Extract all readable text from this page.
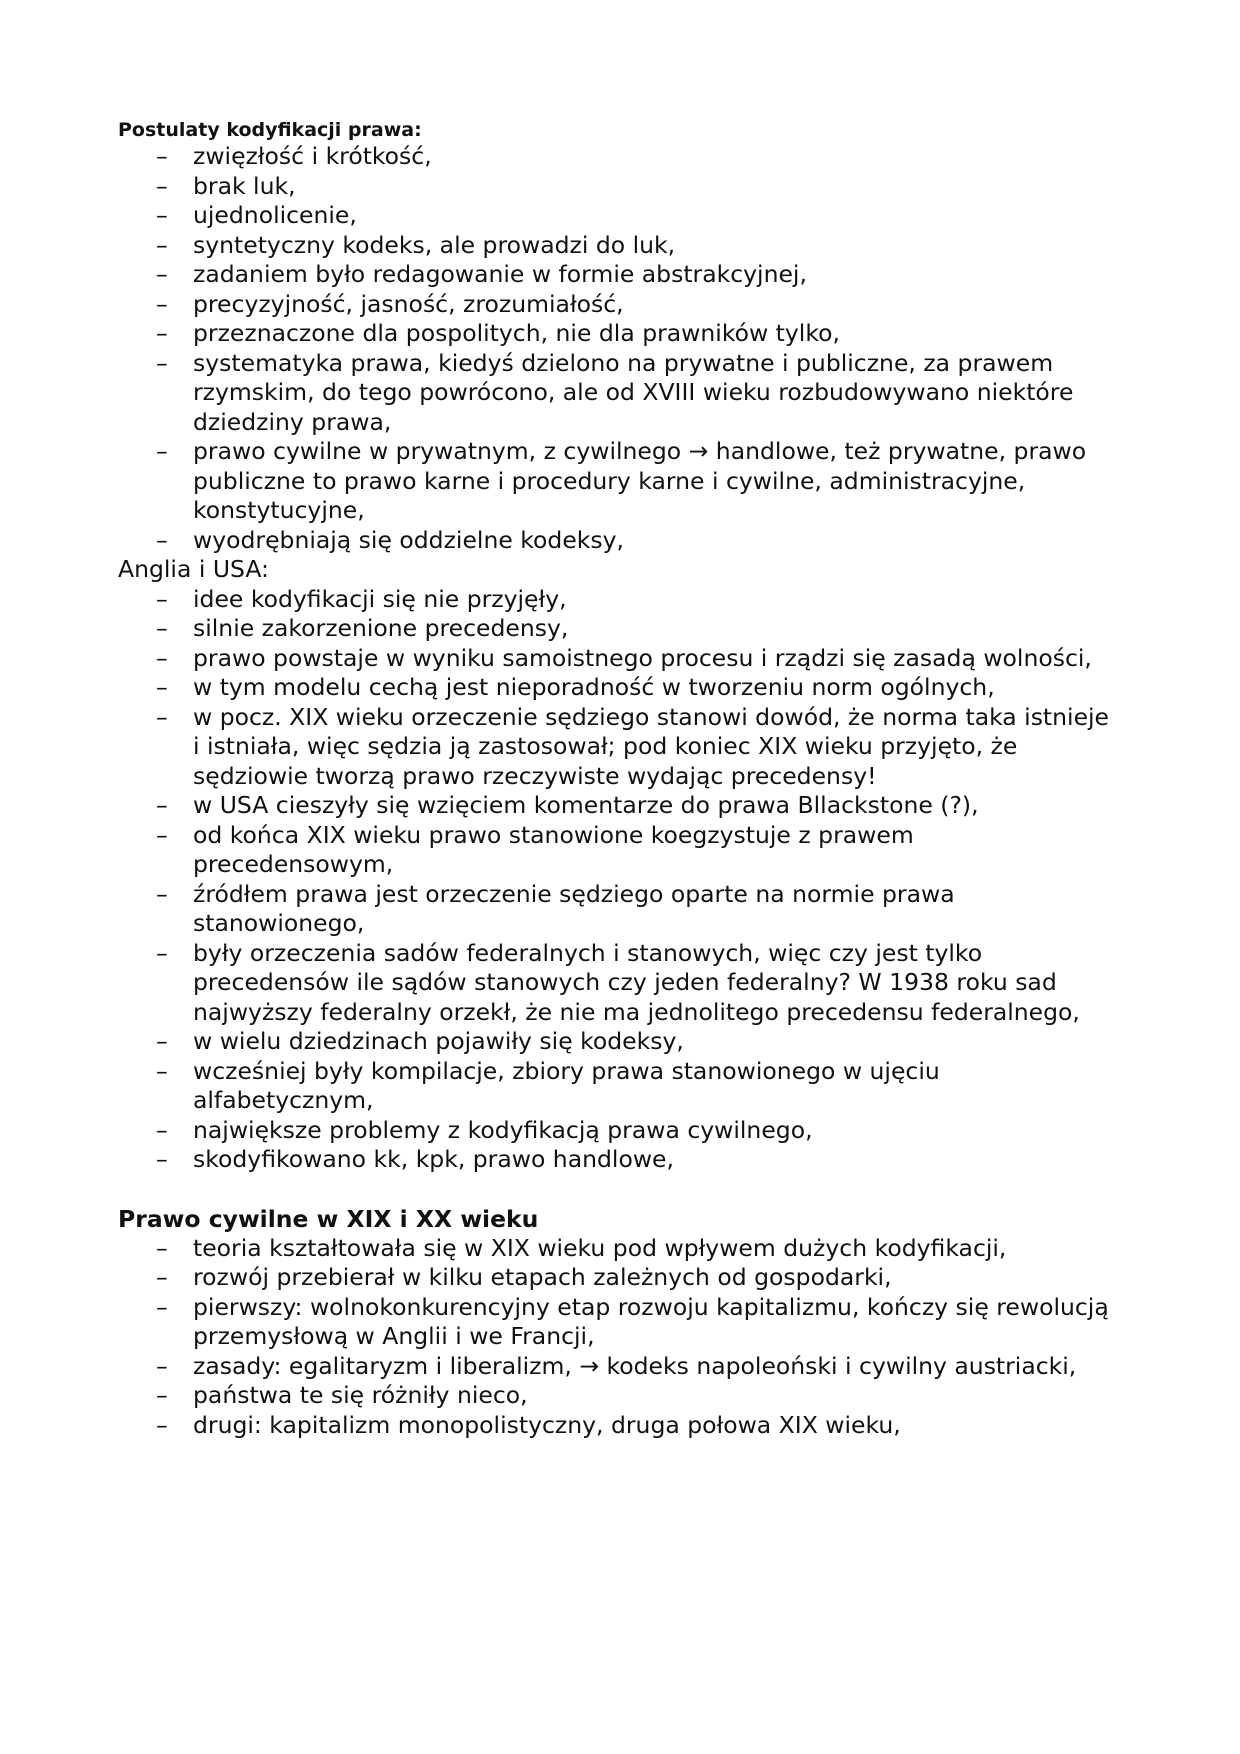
Postulaty kodyfikacji prawa:
– zwięzłość i krótkość,
– brak luk,
– ujednolicenie,
– syntetyczny kodeks, ale prowadzi do luk,
– zadaniem było redagowanie w formie abstrakcyjnej,
– precyzyjność, jasność, zrozumiałość,
– przeznaczone dla pospolitych, nie dla prawników tylko,
– systematyka prawa, kiedyś dzielono na prywatne i publiczne, za prawem rzymskim, do tego powrócono, ale od XVIII wieku rozbudowywano niektóre dziedziny prawa,
– prawo cywilne w prywatnym, z cywilnego → handlowe, też prywatne, prawo publiczne to prawo karne i procedury karne i cywilne, administracyjne, konstytucyjne,
– wyodrębniają się oddzielne kodeksy,
Anglia i USA:
– idee kodyfikacji się nie przyjęły,
– silnie zakorzenione precedensy,
– prawo powstaje w wyniku samoistnego procesu i rządzi się zasadą wolności,
– w tym modelu cechą jest nieporadność w tworzeniu norm ogólnych,
– w pocz. XIX wieku orzeczenie sędziego stanowi dowód, że norma taka istnieje i istniała, więc sędzia ją zastosował; pod koniec XIX wieku przyjęto, że sędziowie tworzą prawo rzeczywiste wydając precedensy!
– w USA cieszyły się wzięciem komentarze do prawa Bllackstone (?),
– od końca XIX wieku prawo stanowione koegzystuje z prawem precedensowym,
– źródłem prawa jest orzeczenie sędziego oparte na normie prawa stanowionego,
– były orzeczenia sadów federalnych i stanowych, więc czy jest tylko precedensów ile sądów stanowych czy jeden federalny? W 1938 roku sad najwyższy federalny orzekł, że nie ma jednolitego precedensu federalnego,
– w wielu dziedzinach pojawiły się kodeksy,
– wcześniej były kompilacje, zbiory prawa stanowionego w ujęciu alfabetycznym,
– największe problemy z kodyfikacją prawa cywilnego,
– skodyfikowano kk, kpk, prawo handlowe,
Prawo cywilne w XIX i XX wieku
– teoria kształtowała się w XIX wieku pod wpływem dużych kodyfikacji,
– rozwój przebierał w kilku etapach zależnych od gospodarki,
– pierwszy: wolnokonkurencyjny etap rozwoju kapitalizmu, kończy się rewolucją przemysłową w Anglii i we Francji,
– zasady: egalitaryzm i liberalizm, → kodeks napoleoński i cywilny austriacki,
– państwa te się różniły nieco,
– drugi: kapitalizm monopolistyczny, druga połowa XIX wieku,
